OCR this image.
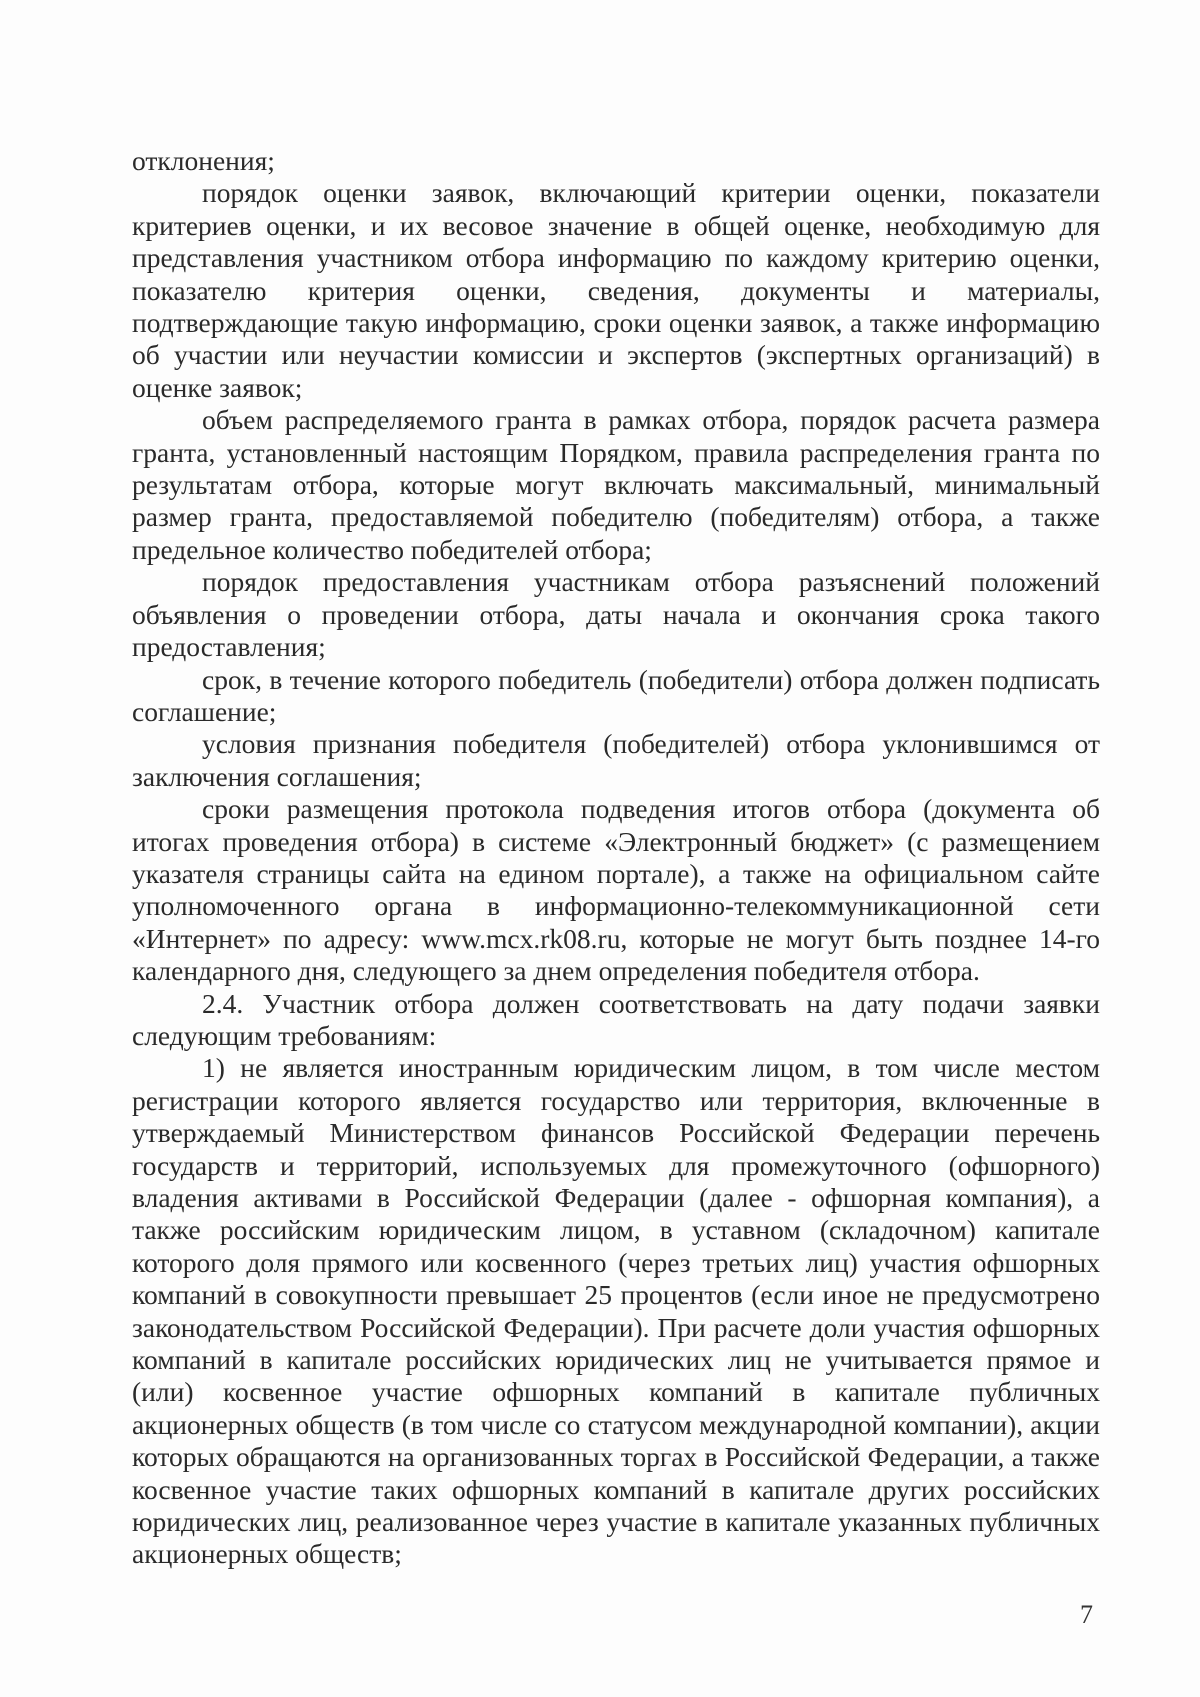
отклонения;

порядок оценки заявок, включающий критерии оценки, показатели критериев оценки, и их весовое значение в общей оценке, необходимую для представления участником отбора информацию по каждому критерию оценки, показателю критерия оценки, сведения, документы и материалы, подтверждающие такую информацию, сроки оценки заявок, а также информацию об участии или неучастии комиссии и экспертов (экспертных организаций) в оценке заявок;

объем распределяемого гранта в рамках отбора, порядок расчета размера гранта, установленный настоящим Порядком, правила распределения гранта по результатам отбора, которые могут включать максимальный, минимальный размер гранта, предоставляемой победителю (победителям) отбора, а также предельное количество победителей отбора;

порядок предоставления участникам отбора разъяснений положений объявления о проведении отбора, даты начала и окончания срока такого предоставления;

срок, в течение которого победитель (победители) отбора должен подписать соглашение;

условия признания победителя (победителей) отбора уклонившимся от заключения соглашения;

сроки размещения протокола подведения итогов отбора (документа об итогах проведения отбора) в системе «Электронный бюджет» (с размещением указателя страницы сайта на едином портале), а также на официальном сайте уполномоченного органа в информационно-телекоммуникационной сети «Интернет» по адресу: www.mcx.rk08.ru, которые не могут быть позднее 14-го календарного дня, следующего за днем определения победителя отбора.

2.4. Участник отбора должен соответствовать на дату подачи заявки следующим требованиям:

1) не является иностранным юридическим лицом, в том числе местом регистрации которого является государство или территория, включенные в утверждаемый Министерством финансов Российской Федерации перечень государств и территорий, используемых для промежуточного (офшорного) владения активами в Российской Федерации (далее - офшорная компания), а также российским юридическим лицом, в уставном (складочном) капитале которого доля прямого или косвенного (через третьих лиц) участия офшорных компаний в совокупности превышает 25 процентов (если иное не предусмотрено законодательством Российской Федерации). При расчете доли участия офшорных компаний в капитале российских юридических лиц не учитывается прямое и (или) косвенное участие офшорных компаний в капитале публичных акционерных обществ (в том числе со статусом международной компании), акции которых обращаются на организованных торгах в Российской Федерации, а также косвенное участие таких офшорных компаний в капитале других российских юридических лиц, реализованное через участие в капитале указанных публичных акционерных обществ;

7
